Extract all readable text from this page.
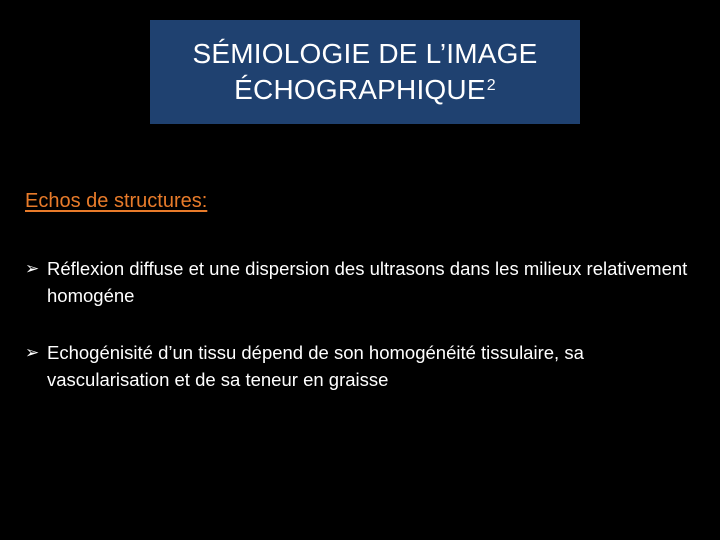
SÉMIOLOGIE DE L’IMAGE
ÉCHOGRAPHIQUE$^2$
Echos de structures:
➢ Réflexion diffuse et une dispersion des ultrasons dans les milieux relativement homogéne
➢ Echogénisité d’un tissu dépend de son homogénéité tissulaire, sa vascularisation et de sa teneur en graisse
